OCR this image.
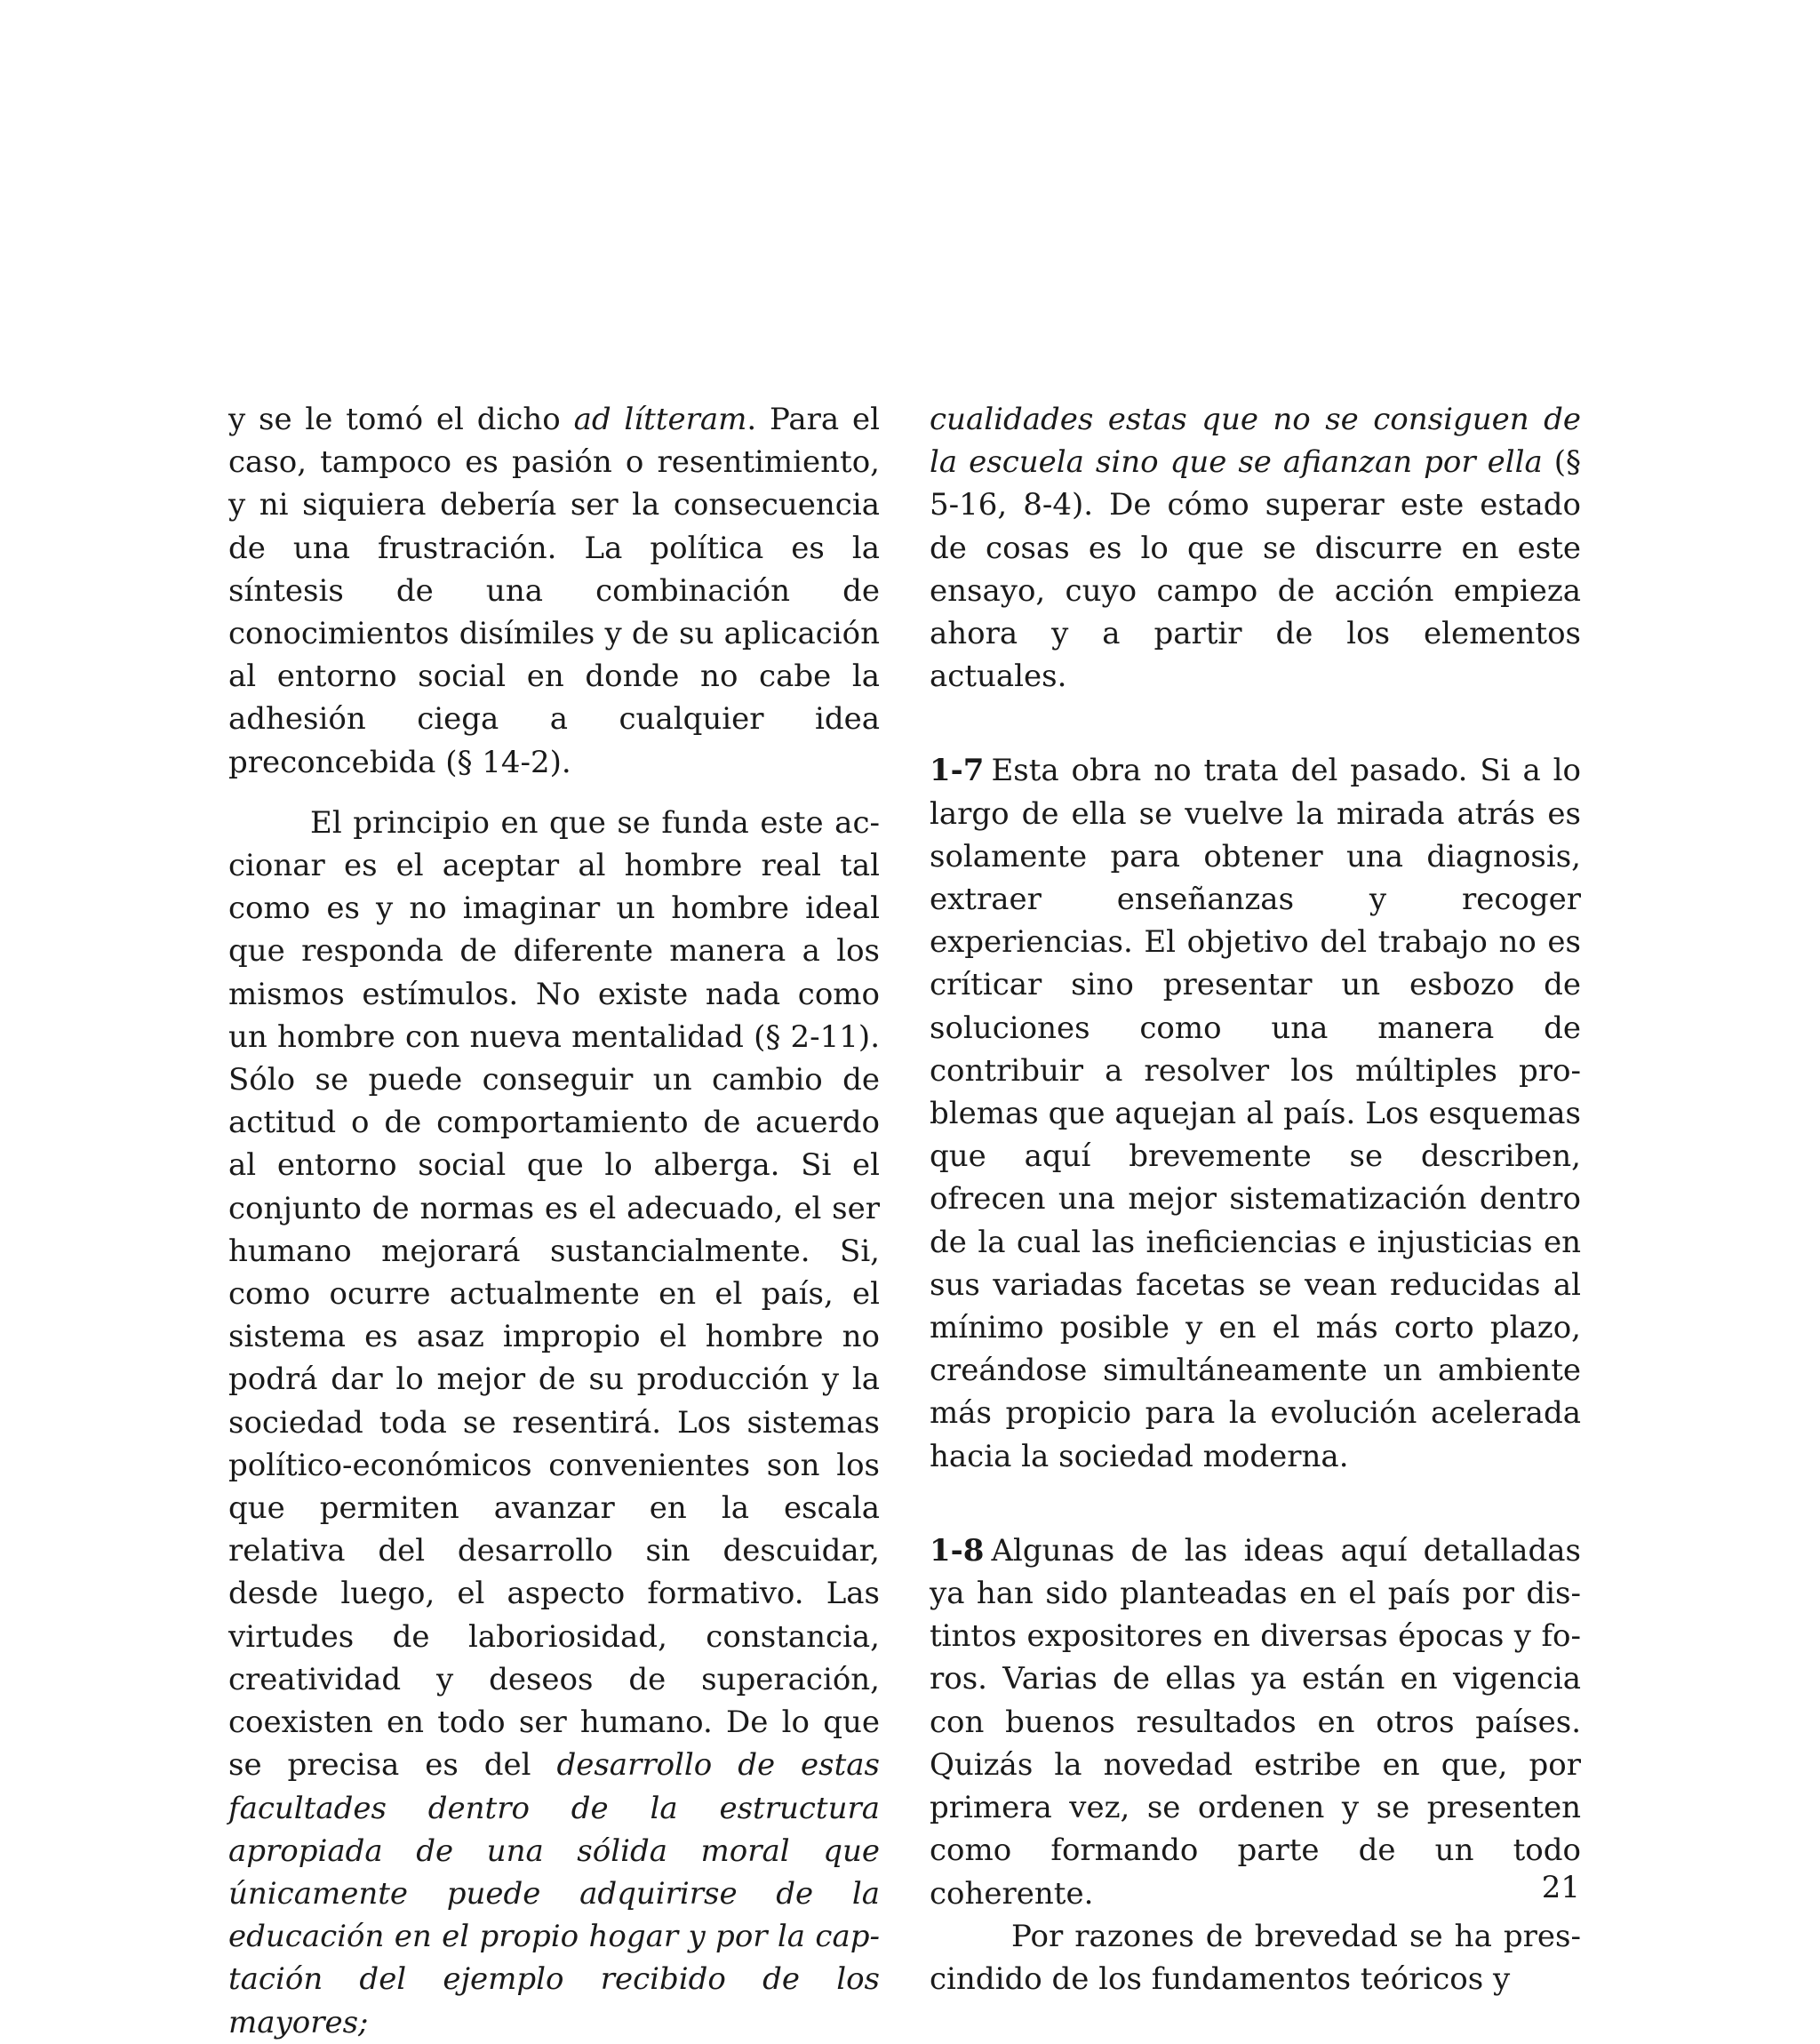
y se le tomó el dicho ad lítteram. Para el caso, tampoco es pasión o resentimiento, y ni siquiera debería ser la consecuencia de una frustración. La política es la síntesis de una combinación de conocimientos disímiles y de su aplicación al entorno social en donde no cabe la adhesión ciega a cualquier idea preconcebida (§ 14-2).

El principio en que se funda este accionar es el aceptar al hombre real tal como es y no imaginar un hombre ideal que responda de diferente manera a los mismos estímulos. No existe nada como un hombre con nueva mentalidad (§ 2-11). Sólo se puede conseguir un cambio de actitud o de comportamiento de acuerdo al entorno social que lo alberga. Si el conjunto de normas es el adecuado, el ser humano mejorará sustancialmente. Si, como ocurre actualmente en el país, el sistema es asaz impropio el hombre no podrá dar lo mejor de su producción y la sociedad toda se resentirá. Los sistemas político-económicos convenientes son los que permiten avanzar en la escala relativa del desarrollo sin descuidar, desde luego, el aspecto formativo. Las virtudes de laboriosidad, constancia, creatividad y deseos de superación, coexisten en todo ser humano. De lo que se precisa es del desarrollo de estas facultades dentro de la estructura apropiada de una sólida moral que únicamente puede adquirirse de la educación en el propio hogar y por la captación del ejemplo recibido de los mayores;

cualidades estas que no se consiguen de la escuela sino que se afianzan por ella (§ 5-16, 8-4). De cómo superar este estado de cosas es lo que se discurre en este ensayo, cuyo campo de acción empieza ahora y a partir de los elementos actuales.

1-7 Esta obra no trata del pasado. Si a lo largo de ella se vuelve la mirada atrás es solamente para obtener una diagnosis, extraer enseñanzas y recoger experiencias. El objetivo del trabajo no es críticar sino presentar un esbozo de soluciones como una manera de contribuir a resolver los múltiples problemas que aquejan al país. Los esquemas que aquí brevemente se describen, ofrecen una mejor sistematización dentro de la cual las ineficiencias e injusticias en sus variadas facetas se vean reducidas al mínimo posible y en el más corto plazo, creándose simultáneamente un ambiente más propicio para la evolución acelerada hacia la sociedad moderna.

1-8 Algunas de las ideas aquí detalladas ya han sido planteadas en el país por distintos expositores en diversas épocas y foros. Varias de ellas ya están en vigencia con buenos resultados en otros países. Quizás la novedad estribe en que, por primera vez, se ordenen y se presenten como formando parte de un todo coherente.

Por razones de brevedad se ha prescindido de los fundamentos teóricos y

21
